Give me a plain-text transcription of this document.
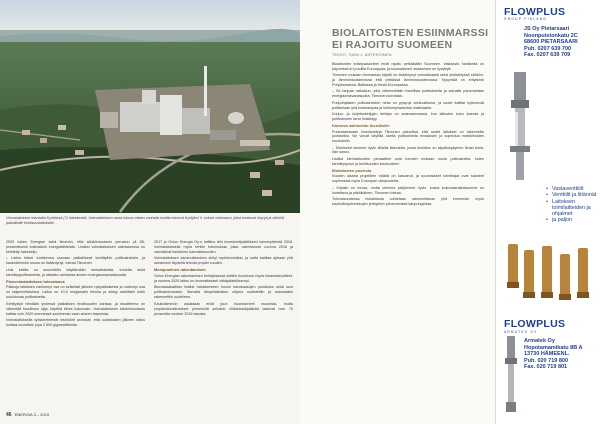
Voimalaitoksen edustalla Kyrölässä (?) hakekenttä. Voimalaitoksen vasta lukuun ottaen vanhalla tontilla toimivat Kyröjärvi II -koksin vetokaivot, jotka tuottavat höyryä ja sähköä paikallisille teollisuuslaitoksille.

2009 lukien Energian sekä lämmön- että sähköntuotanto perustuu yli 85-prosenttisesti kotimaisiin energialähteisiin. Lisäksi voimalaitoksen valmistuessa on kehitetty hakeketju.

– Laitos tekee tuotteensa suoraan paikallisesti kerättyihin polttoaineisiin, ja kaukolämmön osuus on lisääntynyt, toteaa Tiimonen.

Uusi kattila on suunniteltu käyttämään metsähaketta, turvetta sekä kierrätyspolttoaineita, ja ratkaisu vahvistaa alueen energiaomavaraisuutta.

Pienvoimalaitoksen tulevaisuus

Pakkoja laitoksen vanhempi osa on selkeästi jälkeen nykyaikaisesta ja uudempi osa on laajennettavissa. Laitos on 10,9 megawatin teholla ja siirtyy asteittain kohti uusiutuvaa polttoainetta.

Kehitystyö tehdään yhdessä paikallisen teollisuuden kanssa, ja tavoitteena on vähentää fossiilisen öljyn käyttöä lähes kokonaan. Voimalaitoksen sähköntuotanto kattaa noin 2020 mennessä suurimman osan alueen tarpeesta.

Voimalaitoksella työskentelevät insinöörit arvioivat, että uudistusten jälkeen laitos tuottaa vuosittain jopa 2 600 gigawattituntia.

2017 jo Oulun Energia Oy:n hallitus teki investointipäätöksen toimenpiteistä 2018. Voimalaitoksella myös tehtiin tutkimuksia, jotka valmistuivat vuonna 2016 ja vahvistivat hankkeen kannattavuuden.

Voimalaitoksen sammuttaminen siirtyi myöhemmäksi, ja uutta kattilaa ajetaan yhä useammin täydellä teholla ympäri vuoden.

Monipuolinen rakentaminen

Oulun Energian rakentamisen kehityksessä otettiin huomioon myös ilmastotavoitteet, ja vuonna 2020 laitos on huomattavasti vähäpäästöisempi.

Biomassakattilan lisäksi hankkeeseen kuului savukaasujen puhdistus sekä uusi polttoainevarasto. Samalla lämpölaitoksen ohjaus uudistettiin ja automaatio rakennettiin uudelleen.

Kaukolämmön asiakkaat eivät juuri huomanneet muutosta, mutta ympäristövaikutukset pienenivät selvästi: hiilidioksidipäästöt laskivat noin 70 prosenttia vuoden 2016 tasosta.

46 ENERGIA 3 – 2019
BIOLAITOSTEN ESIINMARSSI EI RAJOITU SUOMEEN
TEKSTI: SAMI J. ANTEROINEN

Biolaitosten edistysaskeleet eivät rajoitu pelkästään Suomeen. Vastaavia hankkeita on käynnissä eri puolilla Eurooppaa, ja suomalainen osaaminen on kysyttyä.

Tiimonen mukaan biomassan käyttö on lisääntynyt voimakkaasti sekä yhdistetyssä sähkön- ja lämmöntuotannossa että pelkässä lämmöntuotannossa. Kysyntää on erityisesti Pohjoismaissa, Baltiassa ja Keski-Euroopassa.

– Se tarjoaa ratkaisun, jolla vähennetään fossiilisia polttoaineita ja samalla parannetaan energiaomavaraisuutta, Tiimonen korostaa.

Puupohjaisten polttoaineiden hinta on pysynyt kohtuullisena, ja uudet kattilat kykenevät polttamaan yhä kosteampaa ja heikompilaatuista materiaalia.

Korjuu- ja kuljetusketjujen kehitys on avainasemassa, kun laitosten koko kasvaa ja polttoaineen tarve lisääntyy.

Kasvava vaihtoehto fossiilisille

Puolustaessaan investointeja Tiimonen painottaa, että uudet laitokset on rakennettu joustaviksi. Ne voivat käyttää useita polttoaineita rinnakkain ja sopeutua markkinoiden muutoksiin.

– Teknisesti olemme hyvin lähellä tilannetta, jossa biolaitos on kilpailukykyinen ilman tukia, hän sanoo.

Lisäksi kiertotalouden periaatteet ovat tuoneet mukaan uusia polttoaineita, kuten kierrätyspuun ja teollisuuden sivutuotteet.

Biolaitosten puolesta

Vuoden aikana projektien määrä on kasvanut, ja suomalaiset toimittajat ovat saaneet sopimuksia myös Euroopan ulkopuolelta.

– Kilpailu on kovaa, mutta olemme pärjänneet hyvin, koska kokonaisratkaisumme on luotettava ja pitkäikäinen, Tiimonen toteaa.

Tulevaisuudessa biolaitoksia odotetaan rakennettavan yhä enemmän myös kaukolämpöverkkojen yhteyteen pienemmissä kaupungeissa.

FLOWPLUS
GROUP FINLAND
JS Oy Pietarsaari
Noonpuistonkatu 2C
68600 PIETARSAARI
Puh. 0207 639 700
Fax. 0207 639 709
• Vastaventtiilit
• Venttiilit ja liitännät
• Laitoksen toimilaitteiden ja ohjaimet
• ja paljon
FLOWPLUS
ARMATEK OY
Armatek Oy
Hopotamamikatu 8B A
13730 HÄMEENL.
Puh. 020 719 800
Fax. 020 719 801
